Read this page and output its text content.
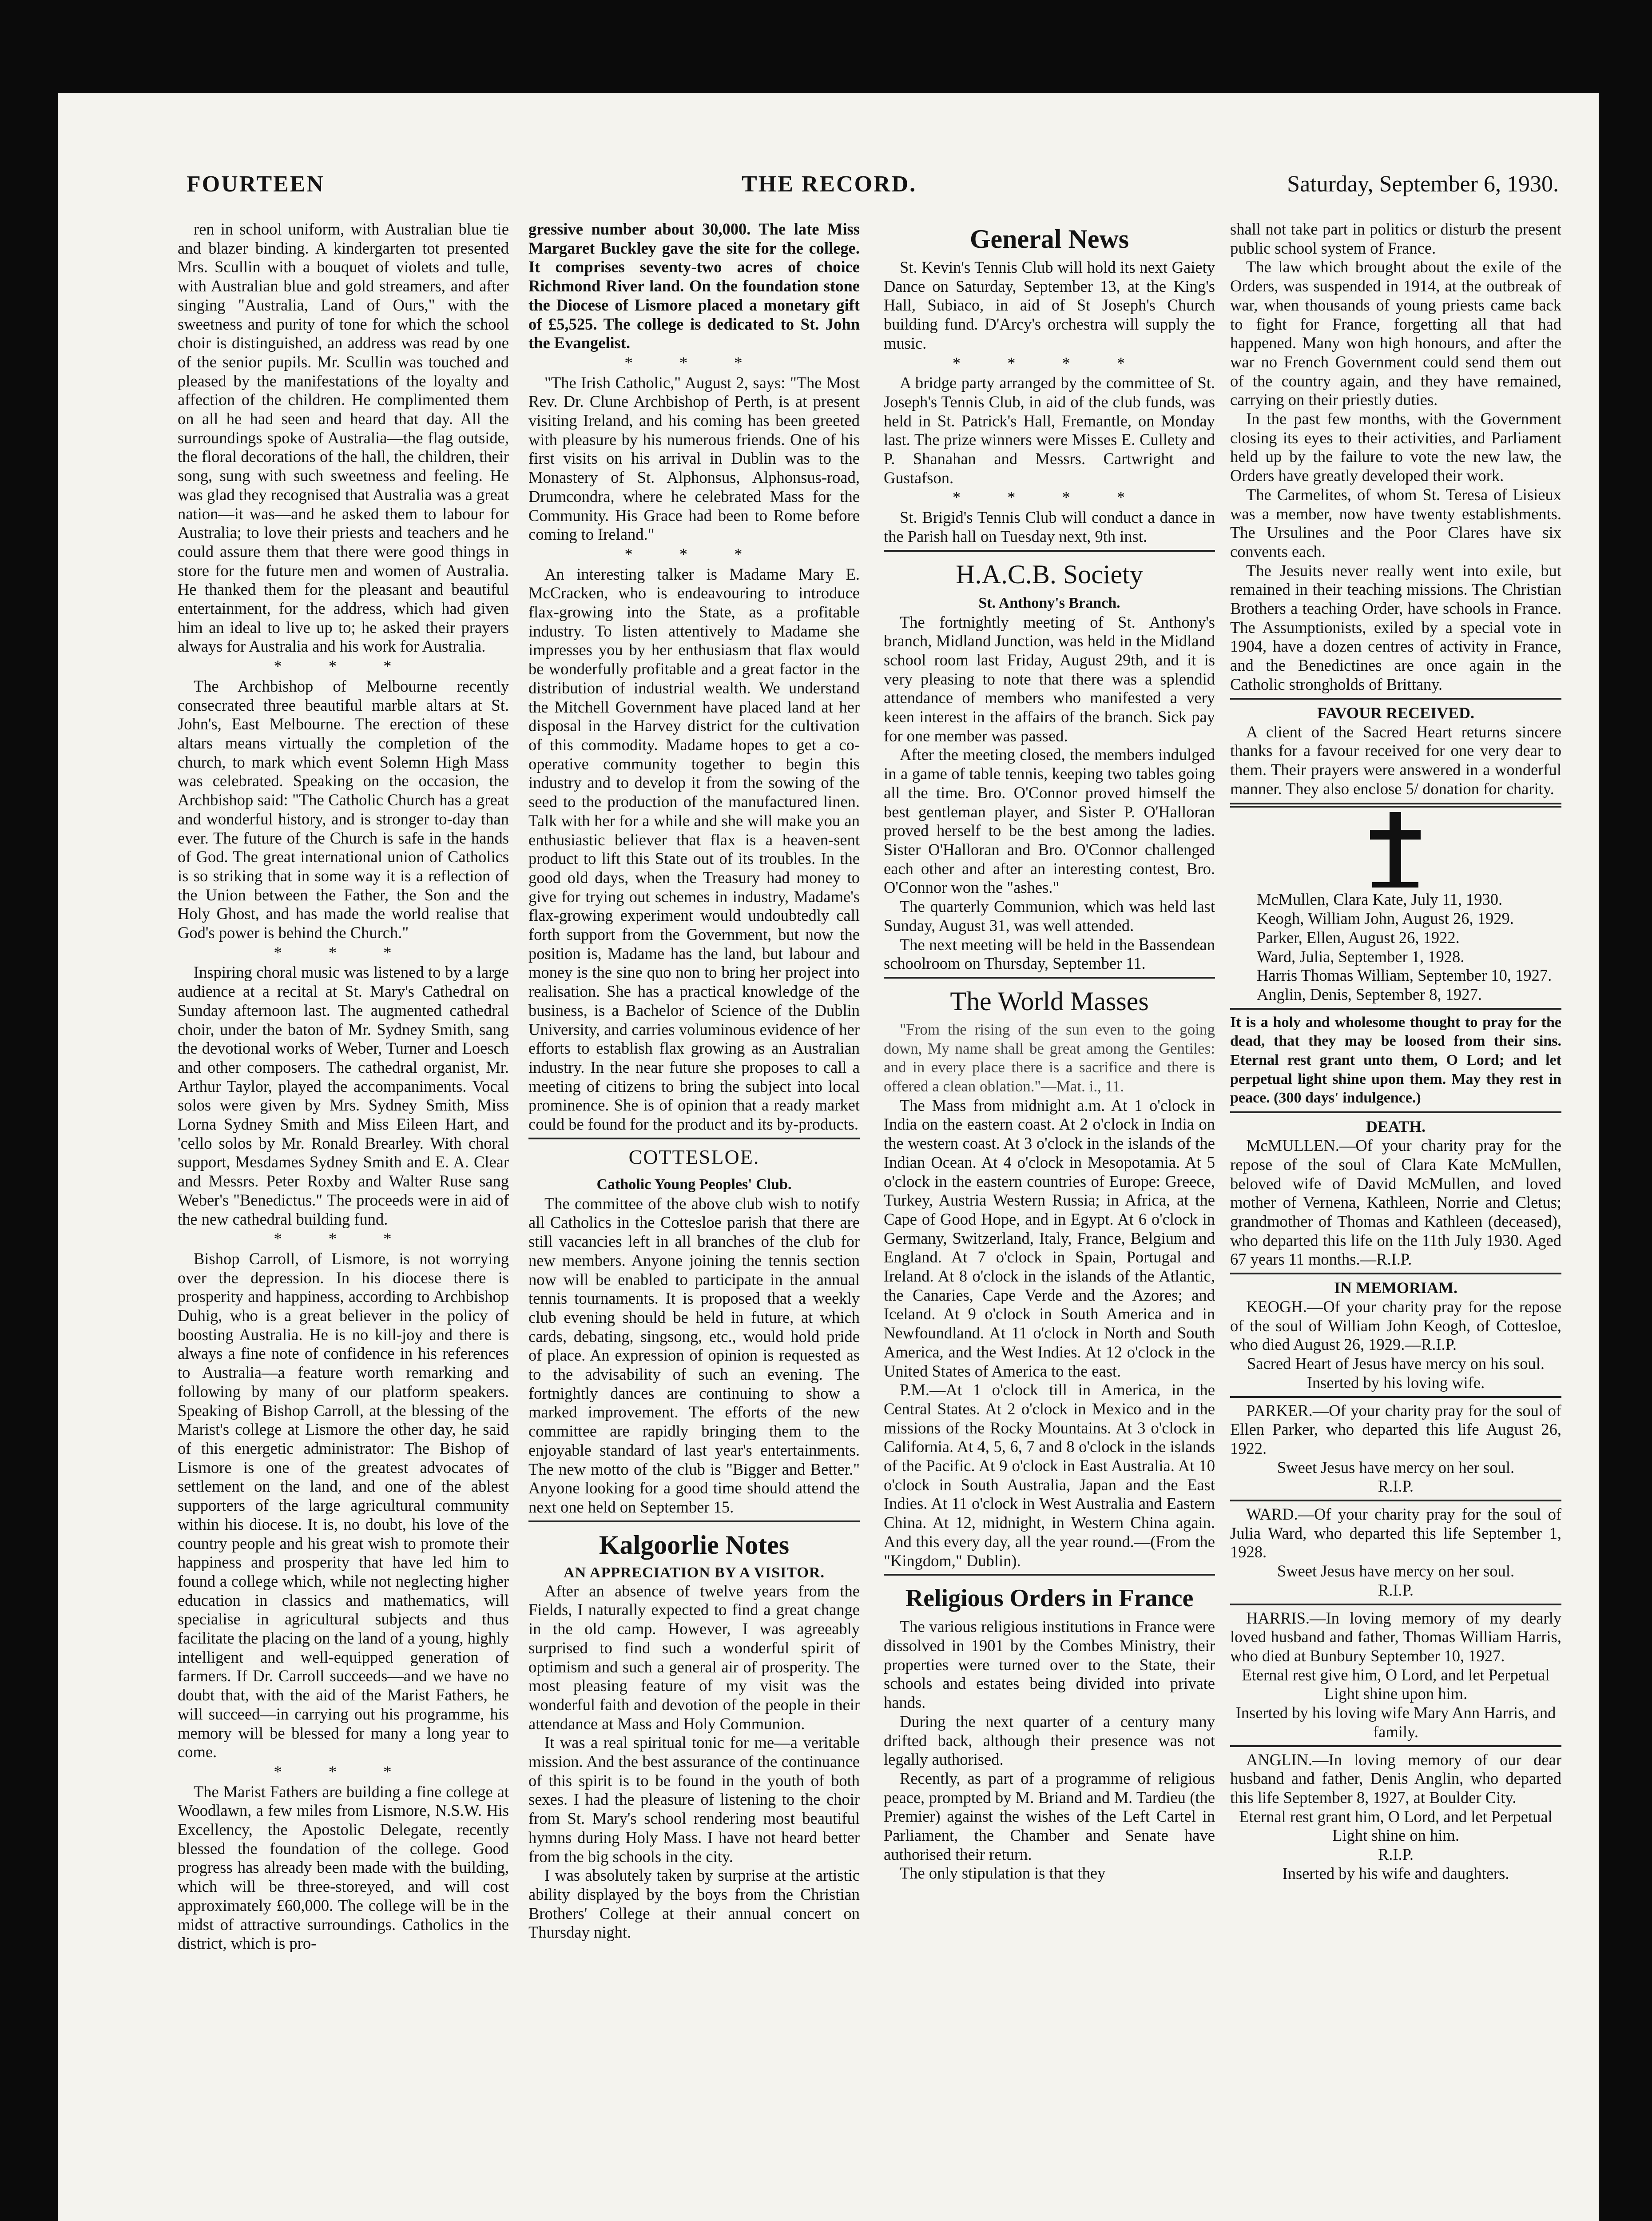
FOURTEEN	THE RECORD.	Saturday, September 6, 1930.

ren in school uniform, with Australian blue tie and blazer binding. A kindergarten tot presented Mrs. Scullin with a bouquet of violets and tulle, with Australian blue and gold streamers, and after singing "Australia, Land of Ours," with the sweetness and purity of tone for which the school choir is distinguished, an address was read by one of the senior pupils. Mr. Scullin was touched and pleased by the manifestations of the loyalty and affection of the children. He complimented them on all he had seen and heard that day. All the surroundings spoke of Australia—the flag outside, the floral decorations of the hall, the children, their song, sung with such sweetness and feeling. He was glad they recognised that Australia was a great nation—it was—and he asked them to labour for Australia; to love their priests and teachers and he could assure them that there were good things in store for the future men and women of Australia. He thanked them for the pleasant and beautiful entertainment, for the address, which had given him an ideal to live up to; he asked their prayers always for Australia and his work for Australia.

* * *

The Archbishop of Melbourne recently consecrated three beautiful marble altars at St. John's, East Melbourne. The erection of these altars means virtually the completion of the church, to mark which event Solemn High Mass was celebrated. Speaking on the occasion, the Archbishop said: "The Catholic Church has a great and wonderful history, and is stronger to-day than ever. The future of the Church is safe in the hands of God. The great international union of Catholics is so striking that in some way it is a reflection of the Union between the Father, the Son and the Holy Ghost, and has made the world realise that God's power is behind the Church."

* * *

Inspiring choral music was listened to by a large audience at a recital at St. Mary's Cathedral on Sunday afternoon last. The augmented cathedral choir, under the baton of Mr. Sydney Smith, sang the devotional works of Weber, Turner and Loesch and other composers. The cathedral organist, Mr. Arthur Taylor, played the accompaniments. Vocal solos were given by Mrs. Sydney Smith, Miss Lorna Sydney Smith and Miss Eileen Hart, and 'cello solos by Mr. Ronald Brearley. With choral support, Mesdames Sydney Smith and E. A. Clear and Messrs. Peter Roxby and Walter Ruse sang Weber's "Benedictus." The proceeds were in aid of the new cathedral building fund.

* * *

Bishop Carroll, of Lismore, is not worrying over the depression. In his diocese there is prosperity and happiness, according to Archbishop Duhig, who is a great believer in the policy of boosting Australia. He is no kill-joy and there is always a fine note of confidence in his references to Australia—a feature worth remarking and following by many of our platform speakers. Speaking of Bishop Carroll, at the blessing of the Marist's college at Lismore the other day, he said of this energetic administrator: The Bishop of Lismore is one of the greatest advocates of settlement on the land, and one of the ablest supporters of the large agricultural community within his diocese. It is, no doubt, his love of the country people and his great wish to promote their happiness and prosperity that have led him to found a college which, while not neglecting higher education in classics and mathematics, will specialise in agricultural subjects and thus facilitate the placing on the land of a young, highly intelligent and well-equipped generation of farmers. If Dr. Carroll succeeds—and we have no doubt that, with the aid of the Marist Fathers, he will succeed—in carrying out his programme, his memory will be blessed for many a long year to come.

* * *

The Marist Fathers are building a fine college at Woodlawn, a few miles from Lismore, N.S.W. His Excellency, the Apostolic Delegate, recently blessed the foundation of the college. Good progress has already been made with the building, which will be three-storeyed, and will cost approximately £60,000. The college will be in the midst of attractive surroundings. Catholics in the district, which is pro-

gressive number about 30,000. The late Miss Margaret Buckley gave the site for the college. It comprises seventy-two acres of choice Richmond River land. On the foundation stone the Diocese of Lismore placed a monetary gift of £5,525. The college is dedicated to St. John the Evangelist.

* * *

"The Irish Catholic," August 2, says: "The Most Rev. Dr. Clune Archbishop of Perth, is at present visiting Ireland, and his coming has been greeted with pleasure by his numerous friends. One of his first visits on his arrival in Dublin was to the Monastery of St. Alphonsus, Alphonsus-road, Drumcondra, where he celebrated Mass for the Community. His Grace had been to Rome before coming to Ireland."

* * *

An interesting talker is Madame Mary E. McCracken, who is endeavouring to introduce flax-growing into the State, as a profitable industry. To listen attentively to Madame she impresses you by her enthusiasm that flax would be wonderfully profitable and a great factor in the distribution of industrial wealth. We understand the Mitchell Government have placed land at her disposal in the Harvey district for the cultivation of this commodity. Madame hopes to get a co-operative community together to begin this industry and to develop it from the sowing of the seed to the production of the manufactured linen. Talk with her for a while and she will make you an enthusiastic believer that flax is a heaven-sent product to lift this State out of its troubles. In the good old days, when the Treasury had money to give for trying out schemes in industry, Madame's flax-growing experiment would undoubtedly call forth support from the Government, but now the position is, Madame has the land, but labour and money is the sine quo non to bring her project into realisation. She has a practical knowledge of the business, is a Bachelor of Science of the Dublin University, and carries voluminous evidence of her efforts to establish flax growing as an Australian industry. In the near future she proposes to call a meeting of citizens to bring the subject into local prominence. She is of opinion that a ready market could be found for the product and its by-products.

COTTESLOE.
Catholic Young Peoples' Club.

The committee of the above club wish to notify all Catholics in the Cottesloe parish that there are still vacancies left in all branches of the club for new members. Anyone joining the tennis section now will be enabled to participate in the annual tennis tournaments. It is proposed that a weekly club evening should be held in future, at which cards, debating, singsong, etc., would hold pride of place. An expression of opinion is requested as to the advisability of such an evening. The fortnightly dances are continuing to show a marked improvement. The efforts of the new committee are rapidly bringing them to the enjoyable standard of last year's entertainments. The new motto of the club is "Bigger and Better." Anyone looking for a good time should attend the next one held on September 15.

Kalgoorlie Notes
AN APPRECIATION BY A VISITOR.

After an absence of twelve years from the Fields, I naturally expected to find a great change in the old camp. However, I was agreeably surprised to find such a wonderful spirit of optimism and such a general air of prosperity. The most pleasing feature of my visit was the wonderful faith and devotion of the people in their attendance at Mass and Holy Communion.

It was a real spiritual tonic for me—a veritable mission. And the best assurance of the continuance of this spirit is to be found in the youth of both sexes. I had the pleasure of listening to the choir from St. Mary's school rendering most beautiful hymns during Holy Mass. I have not heard better from the big schools in the city.

I was absolutely taken by surprise at the artistic ability displayed by the boys from the Christian Brothers' College at their annual concert on Thursday night.

General News

St. Kevin's Tennis Club will hold its next Gaiety Dance on Saturday, September 13, at the King's Hall, Subiaco, in aid of St Joseph's Church building fund. D'Arcy's orchestra will supply the music.

* * * *

A bridge party arranged by the committee of St. Joseph's Tennis Club, in aid of the club funds, was held in St. Patrick's Hall, Fremantle, on Monday last. The prize winners were Misses E. Cullety and P. Shanahan and Messrs. Cartwright and Gustafson.

* * * *

St. Brigid's Tennis Club will conduct a dance in the Parish hall on Tuesday next, 9th inst.

H.A.C.B. Society
St. Anthony's Branch.

The fortnightly meeting of St. Anthony's branch, Midland Junction, was held in the Midland school room last Friday, August 29th, and it is very pleasing to note that there was a splendid attendance of members who manifested a very keen interest in the affairs of the branch. Sick pay for one member was passed.

After the meeting closed, the members indulged in a game of table tennis, keeping two tables going all the time. Bro. O'Connor proved himself the best gentleman player, and Sister P. O'Halloran proved herself to be the best among the ladies. Sister O'Halloran and Bro. O'Connor challenged each other and after an interesting contest, Bro. O'Connor won the "ashes."

The quarterly Communion, which was held last Sunday, August 31, was well attended.

The next meeting will be held in the Bassendean schoolroom on Thursday, September 11.

The World Masses

"From the rising of the sun even to the going down, My name shall be great among the Gentiles: and in every place there is a sacrifice and there is offered a clean oblation."—Mat. i., 11.

The Mass from midnight a.m. At 1 o'clock in India on the eastern coast. At 2 o'clock in India on the western coast. At 3 o'clock in the islands of the Indian Ocean. At 4 o'clock in Mesopotamia. At 5 o'clock in the eastern countries of Europe: Greece, Turkey, Austria Western Russia; in Africa, at the Cape of Good Hope, and in Egypt. At 6 o'clock in Germany, Switzerland, Italy, France, Belgium and England. At 7 o'clock in Spain, Portugal and Ireland. At 8 o'clock in the islands of the Atlantic, the Canaries, Cape Verde and the Azores; and Iceland. At 9 o'clock in South America and in Newfoundland. At 11 o'clock in North and South America, and the West Indies. At 12 o'clock in the United States of America to the east.

P.M.—At 1 o'clock till in America, in the Central States. At 2 o'clock in Mexico and in the missions of the Rocky Mountains. At 3 o'clock in California. At 4, 5, 6, 7 and 8 o'clock in the islands of the Pacific. At 9 o'clock in East Australia. At 10 o'clock in South Australia, Japan and the East Indies. At 11 o'clock in West Australia and Eastern China. At 12, midnight, in Western China again. And this every day, all the year round.—(From the "Kingdom," Dublin).

Religious Orders in France

The various religious institutions in France were dissolved in 1901 by the Combes Ministry, their properties were turned over to the State, their schools and estates being divided into private hands.

During the next quarter of a century many drifted back, although their presence was not legally authorised.

Recently, as part of a programme of religious peace, prompted by M. Briand and M. Tardieu (the Premier) against the wishes of the Left Cartel in Parliament, the Chamber and Senate have authorised their return.

The only stipulation is that they

shall not take part in politics or disturb the present public school system of France.

The law which brought about the exile of the Orders, was suspended in 1914, at the outbreak of war, when thousands of young priests came back to fight for France, forgetting all that had happened. Many won high honours, and after the war no French Government could send them out of the country again, and they have remained, carrying on their priestly duties.

In the past few months, with the Government closing its eyes to their activities, and Parliament held up by the failure to vote the new law, the Orders have greatly developed their work.

The Carmelites, of whom St. Teresa of Lisieux was a member, now have twenty establishments. The Ursulines and the Poor Clares have six convents each.

The Jesuits never really went into exile, but remained in their teaching missions. The Christian Brothers a teaching Order, have schools in France. The Assumptionists, exiled by a special vote in 1904, have a dozen centres of activity in France, and the Benedictines are once again in the Catholic strongholds of Brittany.

FAVOUR RECEIVED.

A client of the Sacred Heart returns sincere thanks for a favour received for one very dear to them. Their prayers were answered in a wonderful manner. They also enclose 5/ donation for charity.

McMullen, Clara Kate, July 11, 1930.

Keogh, William John, August 26, 1929.

Parker, Ellen, August 26, 1922.

Ward, Julia, September 1, 1928.

Harris Thomas William, September 10, 1927.

Anglin, Denis, September 8, 1927.

It is a holy and wholesome thought to pray for the dead, that they may be loosed from their sins. Eternal rest grant unto them, O Lord; and let perpetual light shine upon them. May they rest in peace. (300 days' indulgence.)

DEATH.

McMULLEN.—Of your charity pray for the repose of the soul of Clara Kate McMullen, beloved wife of David McMullen, and loved mother of Vernena, Kathleen, Norrie and Cletus; grandmother of Thomas and Kathleen (deceased), who departed this life on the 11th July 1930. Aged 67 years 11 months.—R.I.P.

IN MEMORIAM.

KEOGH.—Of your charity pray for the repose of the soul of William John Keogh, of Cottesloe, who died August 26, 1929.—R.I.P.

Sacred Heart of Jesus have mercy on his soul.

Inserted by his loving wife.

PARKER.—Of your charity pray for the soul of Ellen Parker, who departed this life August 26, 1922.

Sweet Jesus have mercy on her soul.

R.I.P.

WARD.—Of your charity pray for the soul of Julia Ward, who departed this life September 1, 1928.

Sweet Jesus have mercy on her soul.

R.I.P.

HARRIS.—In loving memory of my dearly loved husband and father, Thomas William Harris, who died at Bunbury September 10, 1927.

Eternal rest give him, O Lord, and let Perpetual Light shine upon him.

Inserted by his loving wife Mary Ann Harris, and family.

ANGLIN.—In loving memory of our dear husband and father, Denis Anglin, who departed this life September 8, 1927, at Boulder City.

Eternal rest grant him, O Lord, and let Perpetual Light shine on him.

R.I.P.

Inserted by his wife and daughters.
